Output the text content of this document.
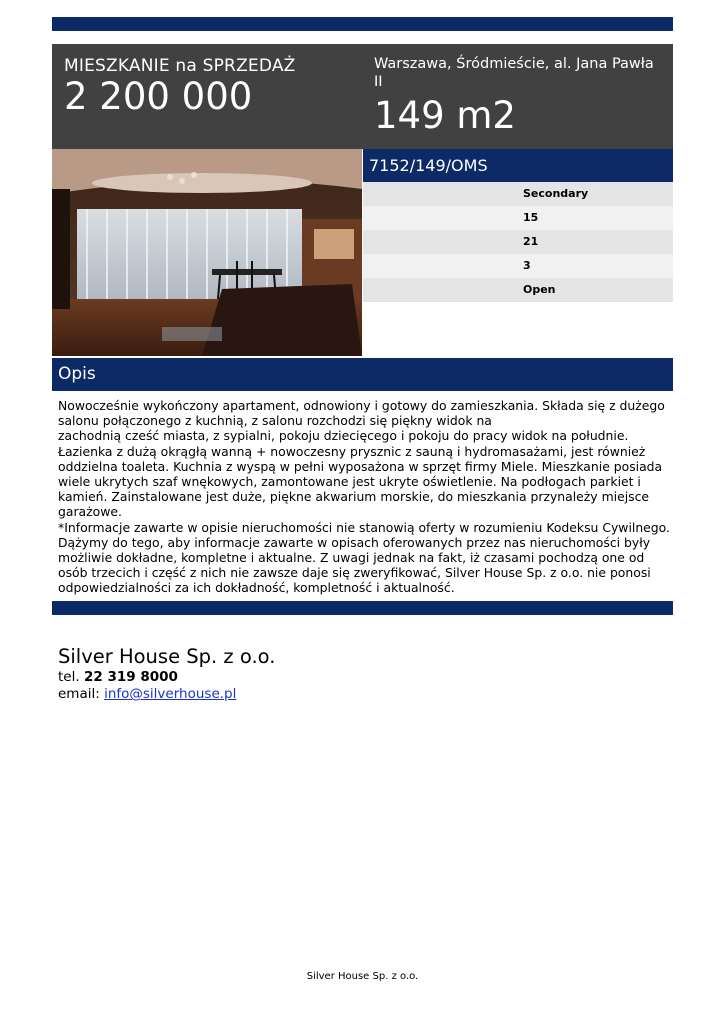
MIESZKANIE na SPRZEDAŻ
2 200 000
Warszawa, Śródmieście, al. Jana Pawła II
149 m2
7152/149/OMS
Secondary
15
21
3
Open
Opis

Nowocześnie wykończony apartament, odnowiony i gotowy do zamieszkania. Składa się z dużego salonu połączonego z kuchnią, z salonu rozchodzi się piękny widok na

zachodnią cześć miasta, z sypialni, pokoju dziecięcego i pokoju do pracy widok na południe. Łazienka z dużą okrągłą wanną + nowoczesny prysznic z sauną i hydromasażami, jest również oddzielna toaleta. Kuchnia z wyspą w pełni wyposażona w sprzęt firmy Miele. Mieszkanie posiada wiele ukrytych szaf wnękowych, zamontowane jest ukryte oświetlenie. Na podłogach parkiet i kamień. Zainstalowane jest duże, piękne akwarium morskie, do mieszkania przynależy miejsce garażowe.

*Informacje zawarte w opisie nieruchomości nie stanowią oferty w rozumieniu Kodeksu Cywilnego. Dążymy do tego, aby informacje zawarte w opisach oferowanych przez nas nieruchomości były możliwie dokładne, kompletne i aktualne. Z uwagi jednak na fakt, iż czasami pochodzą one od osób trzecich i część z nich nie zawsze daje się zweryfikować, Silver House Sp. z o.o. nie ponosi odpowiedzialności za ich dokładność, kompletność i aktualność.

Silver House Sp. z o.o.
tel. 22 319 8000
email: info@silverhouse.pl
Silver House Sp. z o.o.
